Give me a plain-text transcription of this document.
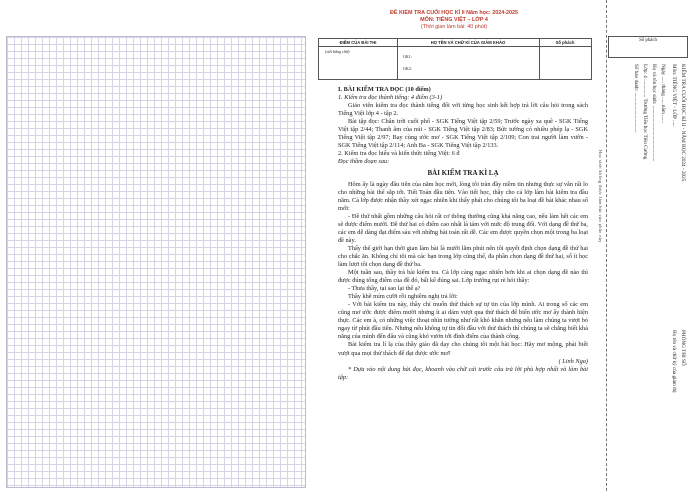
ĐỀ KIỂM TRA CUỐI HỌC KÌ II Năm học: 2024-2025
MÔN: TIẾNG VIỆT – LỚP 4
(Thời gian làm bài: 40 phút)
ĐIỂM CỦA BÀI THI
(viết bằng chữ)
HỌ TÊN VÀ CHỮ KÍ CỦA GIÁM KHẢO
GK1:
GK2:
Số phách

I. BÀI KIỂM TRA ĐỌC (10 điểm)

1. Kiểm tra đọc thành tiếng: 4 điểm (3-1)

Giáo viên kiểm tra đọc thành tiếng đối với từng học sinh kết hợp trả lời câu hỏi trong sách Tiếng Việt lớp 4 - tập 2.

Bài tập đọc: Chân trời cuối phố - SGK Tiếng Việt tập 2/59; Trước ngày xa quê - SGK Tiếng Việt tập 2/44; Thanh âm của núi - SGK Tiếng Việt tập 2/83; Bức tường có nhiều phép lạ - SGK Tiếng Việt tập 2/97; Bay cùng ước mơ - SGK Tiếng Việt tập 2/109; Con trai người làm vườn - SGK Tiếng Việt tập 2/114; Anh Ba - SGK Tiếng Việt tập 2/133.

2. Kiểm tra đọc hiểu và kiến thức tiếng Việt: 6 đ

Đọc thầm đoạn sau:

BÀI KIỂM TRA KÌ LẠ

Hôm ấy là ngày đầu tiên của năm học mới, lòng tôi tràn đầy niềm tin nhưng thực sự vẫn rất lo cho những bài thể sắp tới. Tiết Toán đầu tiên. Vào tiết học, thầy cho cả lớp làm bài kiểm tra đầu năm. Cả lớp được nhận thầy xét ngạc nhiên khi thấy phát cho chúng tôi ba loại đề bài khác nhau sổ mới:

- Đề thứ nhất gồm những câu hỏi rất cơ thông thường cũng khá năng cao, nếu làm hết các em sẽ được điểm mười. Đề thứ hai có điểm cao nhất là tám với mức độ trung đối. Với dạng đề thứ ba, các em dễ dàng đạt điểm sáu với những bài toán rất dễ. Các em được quyền chọn một trong ba loại đề này.

Thấy thể giới hạn thời gian làm bài là mười lăm phút nên tôi quyết định chọn dạng đề thứ hai cho chắc ăn. Không chỉ tôi mà các bạn trong lớp cũng thế, đa phần chọn dạng đề thứ hai, số ít học làm lượt tôi chọn dạng đề thứ ba.

Một tuần sau, thầy trả bài kiểm tra. Cả lớp càng ngạc nhiên hơn khi ai chọn dạng đề nào thì được đúng tổng điểm của đề đó, bất kể đúng sai. Lớp trưởng rụt rè hỏi thầy:

- Thưa thầy, tại sao lại thế ạ?

Thầy khẽ mỉm cười rồi nghiêm nghị trả lời:

- Với bài kiểm tra này, thầy chỉ muốn thử thách sự tự tin của lớp mình. Ai trong số các em cũng mơ ước được điểm mười nhưng ít ai dám vượt qua thử thách để biến ước mơ ấy thành hiện thực. Các em à, có những việc thoạt nhìn tưởng như rất khó khăn nhưng nếu làm chúng ta vượt bỏ ngay từ phút đầu tiên. Nhưng nếu không tự tin đối đầu với thử thách thì chúng ta sẽ chẳng biết khả năng của mình đến đâu và cũng khó vươn tới đỉnh điểm của thành công.

Bài kiểm tra lí lạ của thầy giáo đã dạy cho chúng tôi một bài học: Hãy mơ mộng, phải biết vượt qua mọi thử thách để đạt được ước mơ!

( Linh Nga)

* Dựa vào nội dung bài đọc, khoanh vào chữ cái trước câu trả lời phù hợp nhất và làm bài tập:

Học sinh không được làm bài vào phần này
Số phách
KIỂM TRA CUỐI HỌC KÌ II - NĂM HỌC 2024 - 2025
Môn: TIẾNG VIỆT - LỚP .....
Ngày ..... tháng ..... năm ......
Họ và tên học sinh: ...........................................
Lớp: 4 .............. Trường Tiểu học Tiên Cường
Số báo danh: ...............................
PHÒNG THI SỐ
Họ tên và chữ ký của giám thị
